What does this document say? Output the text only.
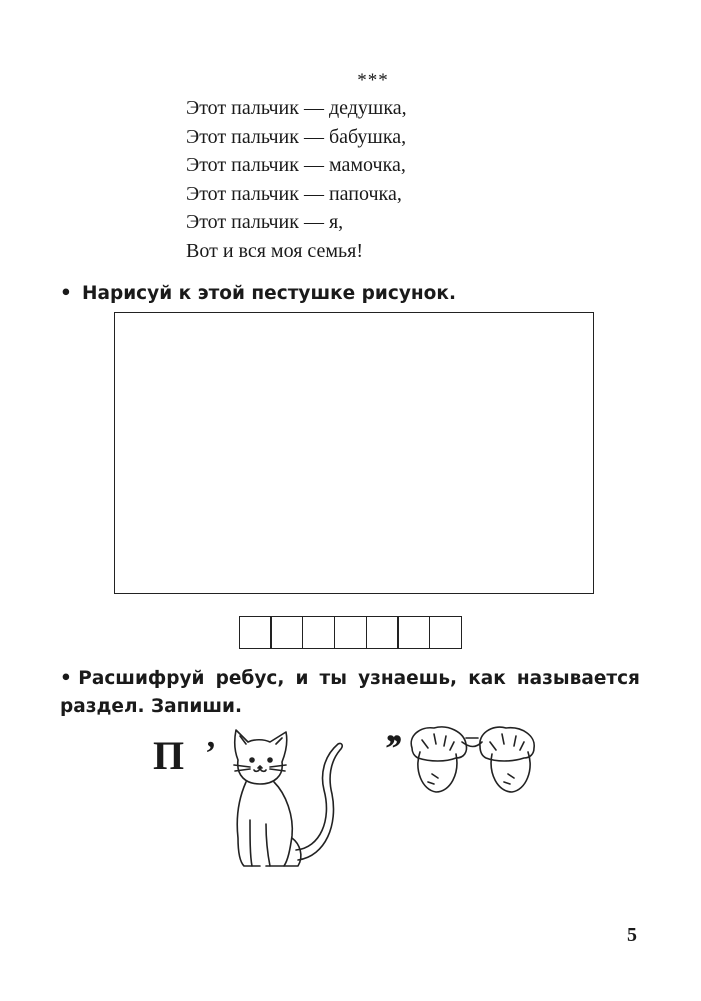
***
Этот пальчик — дедушка,
Этот пальчик — бабушка,
Этот пальчик — мамочка,
Этот пальчик — папочка,
Этот пальчик — я,
Вот и вся моя семья!
• Нарисуй к этой пестушке рисунок.
• Расшифруй ребус, и ты узнаешь, как называется
раздел. Запиши.
П ’	’’
5
